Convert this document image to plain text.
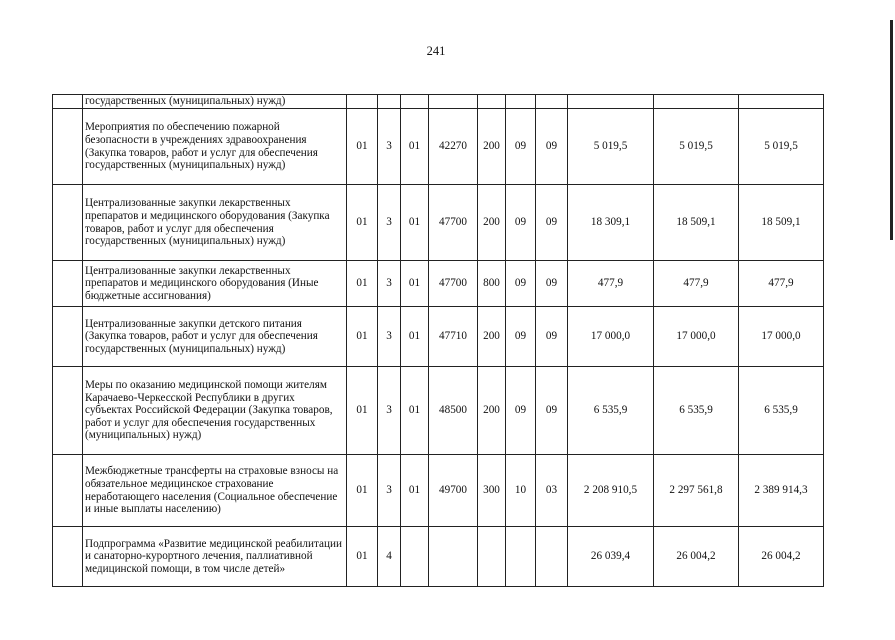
241
	государственных (муниципальных) нужд)										
	Мероприятия по обеспечению пожарной безопасности в учреждениях здравоохранения (Закупка товаров, работ и услуг для обеспечения государственных (муниципальных) нужд)	01	3	01	42270	200	09	09	5 019,5	5 019,5	5 019,5
	Централизованные закупки лекарственных препаратов и медицинского оборудования (Закупка товаров, работ и услуг для обеспечения государственных (муниципальных) нужд)	01	3	01	47700	200	09	09	18 309,1	18 509,1	18 509,1
	Централизованные закупки лекарственных препаратов и медицинского оборудования (Иные бюджетные ассигнования)	01	3	01	47700	800	09	09	477,9	477,9	477,9
	Централизованные закупки детского питания (Закупка товаров, работ и услуг для обеспечения государственных (муниципальных) нужд)	01	3	01	47710	200	09	09	17 000,0	17 000,0	17 000,0
	Меры по оказанию медицинской помощи жителям Карачаево-Черкесской Республики в других субъектах Российской Федерации (Закупка товаров, работ и услуг для обеспечения государственных (муниципальных) нужд)	01	3	01	48500	200	09	09	6 535,9	6 535,9	6 535,9
	Межбюджетные трансферты на страховые взносы на обязательное медицинское страхование неработающего населения (Социальное обеспечение и иные выплаты населению)	01	3	01	49700	300	10	03	2 208 910,5	2 297 561,8	2 389 914,3
	Подпрограмма «Развитие медицинской реабилитации и санаторно-курортного лечения, паллиативной медицинской помощи, в том числе детей»	01	4						26 039,4	26 004,2	26 004,2
